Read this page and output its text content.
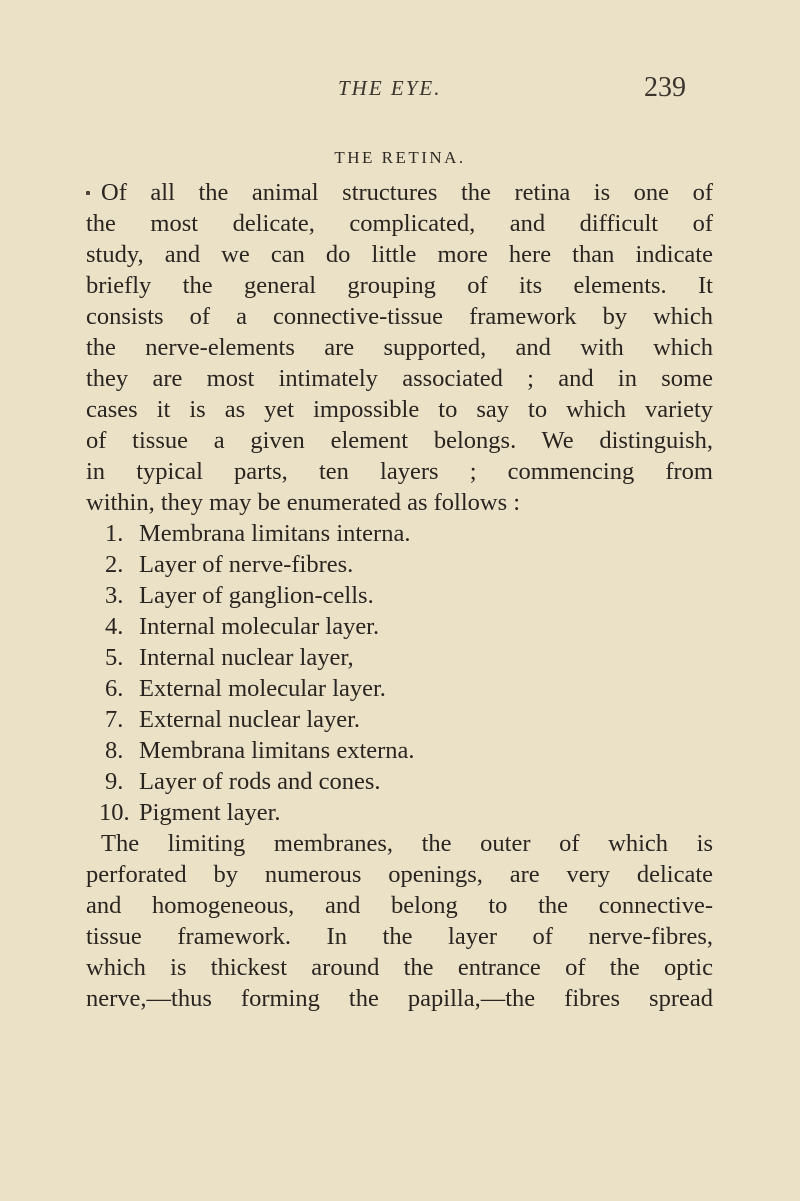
THE EYE.	239
THE RETINA.
Of all the animal structures the retina is one of
the most delicate, complicated, and difficult of
study, and we can do little more here than indicate
briefly the general grouping of its elements. It
consists of a connective-tissue framework by which
the nerve-elements are supported, and with which
they are most intimately associated ; and in some
cases it is as yet impossible to say to which variety
of tissue a given element belongs. We distinguish,
in typical parts, ten layers ; commencing from
within, they may be enumerated as follows :
1. Membrana limitans interna.
2. Layer of nerve-fibres.
3. Layer of ganglion-cells.
4. Internal molecular layer.
5. Internal nuclear layer,
6. External molecular layer.
7. External nuclear layer.
8. Membrana limitans externa.
9. Layer of rods and cones.
10. Pigment layer.
The limiting membranes, the outer of which is
perforated by numerous openings, are very delicate
and homogeneous, and belong to the connective-
tissue framework. In the layer of nerve-fibres,
which is thickest around the entrance of the optic
nerve,—thus forming the papilla,—the fibres spread
